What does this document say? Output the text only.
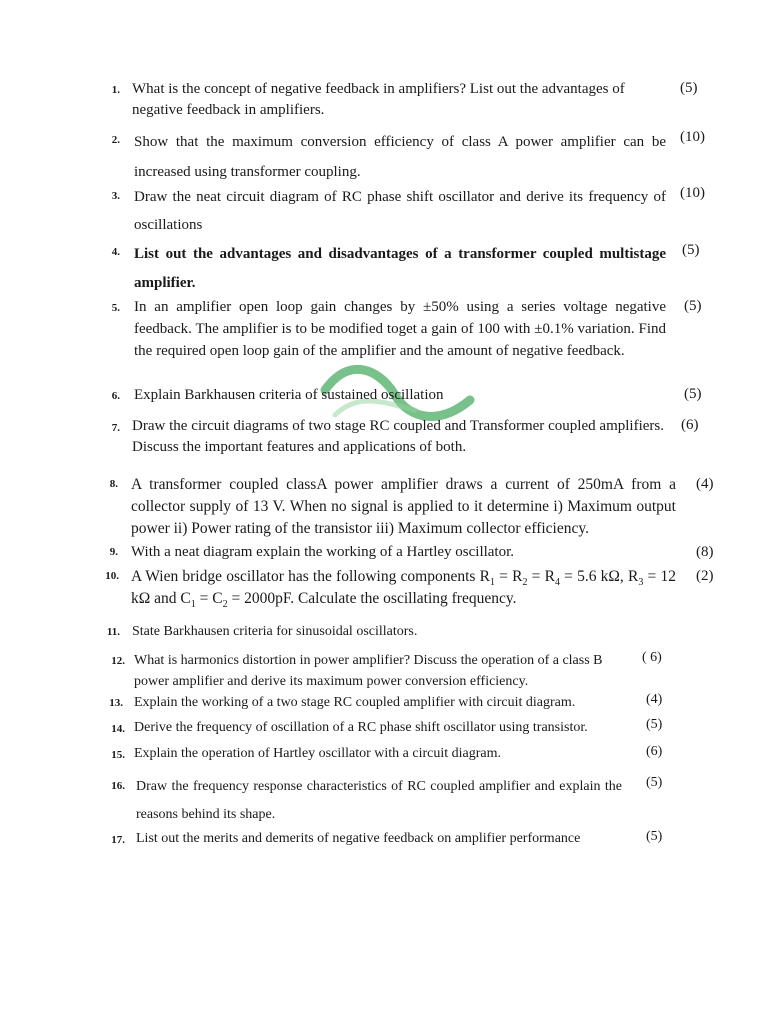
1. What is the concept of negative feedback in amplifiers? List out the advantages of negative feedback in amplifiers.
(5)
2. Show that the maximum conversion efficiency of class A power amplifier can be increased using transformer coupling.
(10)
3. Draw the neat circuit diagram of RC phase shift oscillator and derive its frequency of oscillations
(10)
4. List out the advantages and disadvantages of a transformer coupled multistage amplifier.
(5)
5. In an amplifier open loop gain changes by ±50% using a series voltage negative feedback. The amplifier is to be modified toget a gain of 100 with ±0.1% variation. Find the required open loop gain of the amplifier and the amount of negative feedback.
(5)
6. Explain Barkhausen criteria of sustained oscillation	(5)
7. Draw the circuit diagrams of two stage RC coupled and Transformer coupled amplifiers. Discuss the important features and applications of both.
(6)
8. A transformer coupled classA power amplifier draws a current of 250mA from a collector supply of 13 V. When no signal is applied to it determine i) Maximum output power ii) Power rating of the transistor iii) Maximum collector efficiency.
(4)
9. With a neat diagram explain the working of a Hartley oscillator.	(8)
10. A Wien bridge oscillator has the following components $R_1 = R_2 = R_4 = 5.6$ kΩ, $R_3 = 12$ kΩ and $C_1 = C_2 = 2000pF$. Calculate the oscillating frequency.
(2)
11. State Barkhausen criteria for sinusoidal oscillators.
12. What is harmonics distortion in power amplifier? Discuss the operation of a class B power amplifier and derive its maximum power conversion efficiency.
( 6)
13. Explain the working of a two stage RC coupled amplifier with circuit diagram.	(4)
14. Derive the frequency of oscillation of a RC phase shift oscillator using transistor.	(5)
15. Explain the operation of Hartley oscillator with a circuit diagram.	(6)
16. Draw the frequency response characteristics of RC coupled amplifier and explain the reasons behind its shape.
(5)
17. List out the merits and demerits of negative feedback on amplifier performance	(5)
